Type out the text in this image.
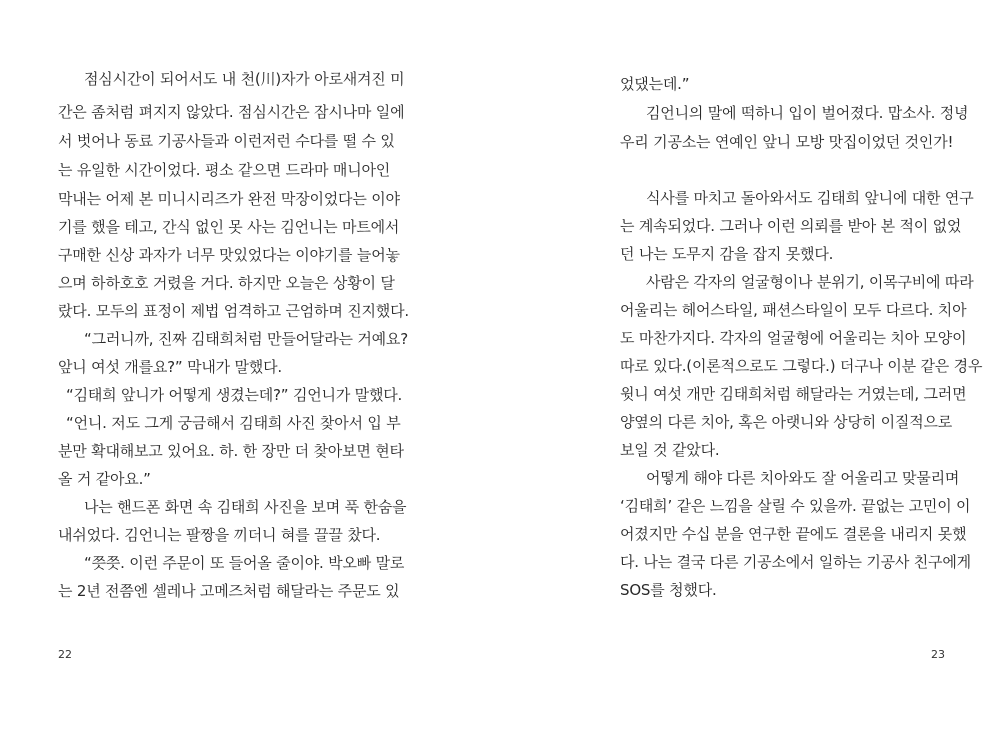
점심시간이 되어서도 내 천(川)자가 아로새겨진 미
간은 좀처럼 펴지지 않았다. 점심시간은 잠시나마 일에
서 벗어나 동료 기공사들과 이런저런 수다를 떨 수 있
는 유일한 시간이었다. 평소 같으면 드라마 매니아인
막내는 어제 본 미니시리즈가 완전 막장이었다는 이야
기를 했을 테고, 간식 없인 못 사는 김언니는 마트에서
구매한 신상 과자가 너무 맛있었다는 이야기를 늘어놓
으며 하하호호 거렸을 거다. 하지만 오늘은 상황이 달
랐다. 모두의 표정이 제법 엄격하고 근엄하며 진지했다.
“그러니까, 진짜 김태희처럼 만들어달라는 거예요?
앞니 여섯 개를요?” 막내가 말했다.
“김태희 앞니가 어떻게 생겼는데?” 김언니가 말했다.
“언니. 저도 그게 궁금해서 김태희 사진 찾아서 입 부
분만 확대해보고 있어요. 하. 한 장만 더 찾아보면 현타
올 거 같아요.”
나는 핸드폰 화면 속 김태희 사진을 보며 푹 한숨을
내쉬었다. 김언니는 팔짱을 끼더니 혀를 끌끌 찼다.
“쯧쯧. 이런 주문이 또 들어올 줄이야. 박오빠 말로
는 2년 전쯤엔 셀레나 고메즈처럼 해달라는 주문도 있
22
었댔는데.”
김언니의 말에 떡하니 입이 벌어졌다. 맙소사. 정녕
우리 기공소는 연예인 앞니 모방 맛집이었던 것인가!
식사를 마치고 돌아와서도 김태희 앞니에 대한 연구
는 계속되었다. 그러나 이런 의뢰를 받아 본 적이 없었
던 나는 도무지 감을 잡지 못했다.
사람은 각자의 얼굴형이나 분위기, 이목구비에 따라
어울리는 헤어스타일, 패션스타일이 모두 다르다. 치아
도 마찬가지다. 각자의 얼굴형에 어울리는 치아 모양이
따로 있다.(이론적으로도 그렇다.) 더구나 이분 같은 경우
윗니 여섯 개만 김태희처럼 해달라는 거였는데, 그러면
양옆의 다른 치아, 혹은 아랫니와 상당히 이질적으로
보일 것 같았다.
어떻게 해야 다른 치아와도 잘 어울리고 맞물리며
‘김태희’ 같은 느낌을 살릴 수 있을까. 끝없는 고민이 이
어졌지만 수십 분을 연구한 끝에도 결론을 내리지 못했
다. 나는 결국 다른 기공소에서 일하는 기공사 친구에게
SOS를 청했다.
23
